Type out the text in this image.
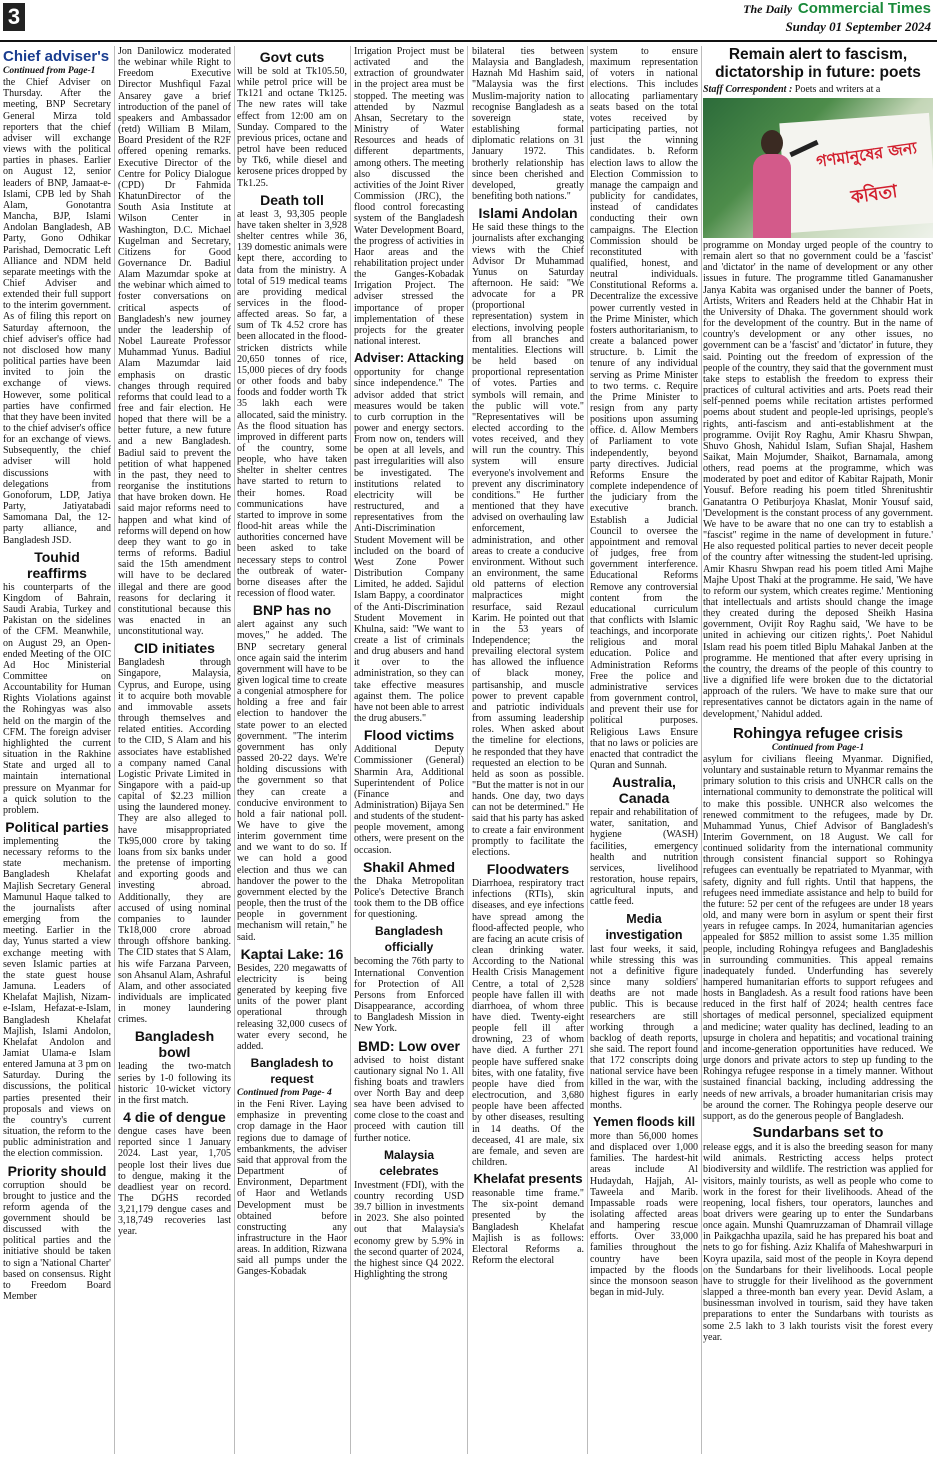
3	The Daily Commercial Times
Sunday 01 September 2024
Chief adviser's
Continued from Page-1

the Chief Adviser on Thursday. After the meeting, BNP Secretary General Mirza told reporters that the chief adviser will exchange views with the political parties in phases. Earlier on August 12, senior leaders of BNP, Jamaat-e-Islami, CPB led by Shah Alam, Gonotantra Mancha, BJP, Islami Andolan Bangladesh, AB Party, Gono Odhikar Parishad, Democratic Left Alliance and NDM held separate meetings with the Chief Adviser and extended their full support to the interim government. As of filing this report on Saturday afternoon, the chief adviser's office had not disclosed how many political parties have been invited to join the exchange of views. However, some political parties have confirmed that they have been invited to the chief adviser's office for an exchange of views. Subsequently, the chief adviser will hold discussions with delegations from Gonoforum, LDP, Jatiya Party, Jatiyatabadi Samomana Dal, the 12-party alliance, and Bangladesh JSD.

Touhid reaffirms

his counterparts of the Kingdom of Bahrain, Saudi Arabia, Turkey and Pakistan on the sidelines of the CFM. Meanwhile, on August 29, an Open-ended Meeting of the OIC Ad Hoc Ministerial Committee on Accountability for Human Rights Violations against the Rohingyas was also held on the margin of the CFM. The foreign adviser highlighted the current situation in the Rakhine State and urged all to maintain international pressure on Myanmar for a quick solution to the problem.

Political parties

implementing the necessary reforms to the state mechanism. Bangladesh Khelafat Majlish Secretary General Mamunul Haque talked to the journalists after emerging from the meeting. Earlier in the day, Yunus started a view exchange meeting with seven Islamic parties at the state guest house Jamuna. Leaders of Khelafat Majlish, Nizam-e-Islam, Hefazat-e-Islam, Bangladesh Khelafat Majlish, Islami Andolon, Khelafat Andolon and Jamiat Ulama-e Islam entered Jamuna at 3 pm on Saturday. During the discussions, the political parties presented their proposals and views on the country's current situation, the reform to the public administration and the election commission.

Priority should

corruption should be brought to justice and the reform agenda of the government should be discussed with the political parties and the initiative should be taken to sign a 'National Charter' based on consensus. Right to Freedom Board Member

Jon Danilowicz moderated the webinar while Right to Freedom Executive Director Mushfiqul Fazal Ansarey gave a brief introduction of the panel of speakers and Ambassador (retd) William B Milam, Board President of the R2F offered opening remarks. Executive Director of the Centre for Policy Dialogue (CPD) Dr Fahmida KhatunDirector of the South Asia Institute at Wilson Center in Washington, D.C. Michael Kugelman and Secretary, Citizens for Good Governance Dr. Badiul Alam Mazumdar spoke at the webinar which aimed to foster conversations on critical aspects of Bangladesh's new journey under the leadership of Nobel Laureate Professor Muhammad Yunus. Badiul Alam Mazumdar laid emphasis on drastic changes through required reforms that could lead to a free and fair election. He hoped that there will be a better future, a new future and a new Bangladesh. Badiul said to prevent the petition of what happened in the past, they need to reorganise the institutions that have broken down. He said major reforms need to happen and what kind of reforms will depend on how deep they want to go in terms of reforms. Badiul said the 15th amendment will have to be declared illegal and there are good reasons for declaring it constitutional because this was enacted in an unconstitutional way.

CID initiates

Bangladesh through Singapore, Malaysia, Cyprus, and Europe, using it to acquire both movable and immovable assets through themselves and related entities. According to the CID, S Alam and his associates have established a company named Canal Logistic Private Limited in Singapore with a paid-up capital of $2.23 million using the laundered money. They are also alleged to have misappropriated Tk95,000 crore by taking loans from six banks under the pretense of importing and exporting goods and investing abroad. Additionally, they are accused of using nominal companies to launder Tk18,000 crore abroad through offshore banking. The CID states that S Alam, his wife Farzana Parveen, son Ahsanul Alam, Ashraful Alam, and other associated individuals are implicated in money laundering crimes.

Bangladesh bowl

leading the two-match series by 1-0 following its historic 10-wicket victory in the first match.

4 die of dengue

dengue cases have been reported since 1 January 2024. Last year, 1,705 people lost their lives due to dengue, making it the deadliest year on record. The DGHS recorded 3,21,179 dengue cases and 3,18,749 recoveries last year.

Govt cuts

will be sold at Tk105.50, while petrol price will be Tk121 and octane Tk125. The new rates will take effect from 12:00 am on Sunday. Compared to the previous prices, octane and petrol have been reduced by Tk6, while diesel and kerosene prices dropped by Tk1.25.

Death toll

at least 3, 93,305 people have taken shelter in 3,928 shelter centres while 36, 139 domestic animals were kept there, according to data from the ministry. A total of 519 medical teams are providing medical services in the flood-affected areas. So far, a sum of Tk 4.52 crore has been allocated in the flood-stricken districts while 20,650 tonnes of rice, 15,000 pieces of dry foods or other foods and baby foods and fodder worth Tk 35 lakh each were allocated, said the ministry. As the flood situation has improved in different parts of the country, some people, who have taken shelter in shelter centres have started to return to their homes. Road communications have started to improve in some flood-hit areas while the authorities concerned have been asked to take necessary steps to control the outbreak of water-borne diseases after the recession of flood water.

BNP has no

alert against any such moves," he added. The BNP secretary general once again said the interim government will have to be given logical time to create a congenial atmosphere for holding a free and fair election to handover the state power to an elected government. "The interim government has only passed 20-22 days. We're holding discussions with the government so that they can create a conducive environment to hold a fair national poll. We have to give the interim government time and we want to do so. If we can hold a good election and thus we can handover the power to the government elected by the people, then the trust of the people in government mechanism will retain," he said.

Kaptai Lake: 16

Besides, 220 megawatts of electricity is being generated by keeping five units of the power plant operational through releasing 32,000 cusecs of water every second, he added.

Bangladesh to request
Continued from Page- 4

in the Feni River. Laying emphasize in preventing crop damage in the Haor regions due to damage of embankments, the adviser said that approval from the Department of Environment, Department of Haor and Wetlands Development must be obtained before constructing any infrastructure in the Haor areas. In addition, Rizwana said all pumps under the Ganges-Kobadak

Irrigation Project must be activated and the extraction of groundwater in the project area must be stopped. The meeting was attended by Nazmul Ahsan, Secretary to the Ministry of Water Resources and heads of different departments, among others. The meeting also discussed the activities of the Joint River Commission (JRC), the flood control forecasting system of the Bangladesh Water Development Board, the progress of activities in Haor areas and the rehabilitation project under the Ganges-Kobadak Irrigation Project. The adviser stressed the importance of proper implementation of these projects for the greater national interest.

Adviser: Attacking

opportunity for change since independence." The advisor added that strict measures would be taken to curb corruption in the power and energy sectors. From now on, tenders will be open at all levels, and past irregularities will also be investigated. The institutions related to electricity will be restructured, and a representatives from the Anti-Discrimination Student Movement will be included on the board of West Zone Power Distribution Company Limited, he added. Sajidul Islam Bappy, a coordinator of the Anti-Discrimination Student Movement in Khulna, said: "We want to create a list of criminals and drug abusers and hand it over to the administration, so they can take effective measures against them. The police have not been able to arrest the drug abusers."

Flood victims

Additional Deputy Commissioner (General) Sharmin Ara, Additional Superintendent of Police (Finance and Administration) Bijaya Sen and students of the student-people movement, among others, were present on the occasion.

Shakil Ahmed

the Dhaka Metropolitan Police's Detective Branch took them to the DB office for questioning.

Bangladesh officially

becoming the 76th party to International Convention for Protection of All Persons from Enforced Disappearance, according to Bangladesh Mission in New York.

BMD: Low over

advised to hoist distant cautionary signal No 1. All fishing boats and trawlers over North Bay and deep sea have been advised to come close to the coast and proceed with caution till further notice.

Malaysia celebrates

Investment (FDI), with the country recording USD 39.7 billion in investments in 2023. She also pointed out that Malaysia's economy grew by 5.9% in the second quarter of 2024, the highest since Q4 2022. Highlighting the strong

bilateral ties between Malaysia and Bangladesh, Haznah Md Hashim said, "Malaysia was the first Muslim-majority nation to recognise Bangladesh as a sovereign state, establishing formal diplomatic relations on 31 January 1972. This brotherly relationship has since been cherished and developed, greatly benefiting both nations."

Islami Andolan

He said these things to the journalists after exchanging views with the Chief Advisor Dr Muhammad Yunus on Saturday afternoon. He said: "We advocate for a PR (proportional representation) system in elections, involving people from all branches and mentalities. Elections will be held based on proportional representation of votes. Parties and symbols will remain, and the public will vote." "Representatives will be elected according to the votes received, and they will run the country. This system will ensure everyone's involvement and prevent any discriminatory conditions." He further mentioned that they have advised on overhauling law enforcement, administration, and other areas to create a conducive environment. Without such an environment, the same old patterns of election malpractices might resurface, said Rezaul Karim. He pointed out that in the 53 years of Independence; the prevailing electoral system has allowed the influence of black money, partisanship, and muscle power to prevent capable and patriotic individuals from assuming leadership roles. When asked about the timeline for elections, he responded that they have requested an election to be held as soon as possible. "But the matter is not in our hands. One day, two days can not be determined." He said that his party has asked to create a fair environment promptly to facilitate the elections.

Floodwaters

Diarrhoea, respiratory tract infections (RTIs), skin diseases, and eye infections have spread among the flood-affected people, who are facing an acute crisis of clean drinking water. According to the National Health Crisis Management Centre, a total of 2,528 people have fallen ill with diarrhoea, of whom three have died. Twenty-eight people fell ill after drowning, 23 of whom have died. A further 271 people have suffered snake bites, with one fatality, five people have died from electrocution, and 3,680 people have been affected by other diseases, resulting in 14 deaths. Of the deceased, 41 are male, six are female, and seven are children.

Khelafat presents

reasonable time frame." The six-point demand presented by the Bangladesh Khelafat Majlish is as follows: Electoral Reforms a. Reform the electoral

system to ensure maximum representation of voters in national elections. This includes allocating parliamentary seats based on the total votes received by participating parties, not just the winning candidates. b. Reform election laws to allow the Election Commission to manage the campaign and publicity for candidates, instead of candidates conducting their own campaigns. The Election Commission should be reconstituted with qualified, honest, and neutral individuals. Constitutional Reforms a. Decentralize the excessive power currently vested in the Prime Minister, which fosters authoritarianism, to create a balanced power structure. b. Limit the tenure of any individual serving as Prime Minister to two terms. c. Require the Prime Minister to resign from any party positions upon assuming office. d. Allow Members of Parliament to vote independently, beyond party directives. Judicial Reforms Ensure the complete independence of the judiciary from the executive branch. Establish a Judicial Council to oversee the appointment and removal of judges, free from government interference. Educational Reforms Remove any controversial content from the educational curriculum that conflicts with Islamic teachings, and incorporate religious and moral education. Police and Administration Reforms Free the police and administrative services from government control, and prevent their use for political purposes. Religious Laws Ensure that no laws or policies are enacted that contradict the Quran and Sunnah.

Australia, Canada

repair and rehabilitation of water, sanitation, and hygiene (WASH) facilities, emergency health and nutrition services, livelihood restoration, house repairs, agricultural inputs, and cattle feed.

Media investigation

last four weeks, it said, while stressing this was not a definitive figure since many soldiers' deaths are not made public. This is because researchers are still working through a backlog of death reports, she said. The report found that 172 conscripts doing national service have been killed in the war, with the highest figures in early months.

Yemen floods kill

more than 56,000 homes and displaced over 1,000 families. The hardest-hit areas include Al Hudaydah, Hajjah, Al-Taweela and Marib. Impassable roads were isolating affected areas and hampering rescue efforts. Over 33,000 families throughout the country have been impacted by the floods since the monsoon season began in mid-July.

Remain alert to fascism, dictatorship in future: poets
Staff Correspondent : Poets and writers at a
গণমানুষের জন্য
কবিতা

programme on Monday urged people of the country to remain alert so that no government could be a 'fascist' and 'dictator' in the name of development or any other issues in future. The programme titled Ganamanusher Janya Kabita was organised under the banner of Poets, Artists, Writers and Readers held at the Chhabir Hat in the University of Dhaka. The government should work for the development of the country. But in the name of country's development or any other issues, no government can be a 'fascist' and 'dictator' in future, they said. Pointing out the freedom of expression of the people of the country, they said that the government must take steps to establish the freedom to express their practices of cultural activities and arts. Poets read their self-penned poems while recitation artistes performed poems about student and people-led uprisings, people's rights, anti-fascism and anti-establishment at the programme. Ovijit Roy Raghu, Amir Khasru Shwpan, Shuvo Ghosh, Nahidul Islam, Sufian Shajal, Hashem Saikat, Main Mojumder, Shaikot, Barnamala, among others, read poems at the programme, which was moderated by poet and editor of Kabitar Rajpath, Monir Yousuf. Before reading his poem titled Shrenitushtir Ganatantra O Petiburjoya Khaslat, Monir Yousuf said, 'Development is the constant process of any government. We have to be aware that no one can try to establish a "fascist" regime in the name of development in future.' He also requested political parties to never deceit people of the country after witnessing the student-led uprising. Amir Khasru Shwpan read his poem titled Ami Majhe Majhe Upost Thaki at the programme. He said, 'We have to reform our system, which creates regime.' Mentioning that intellectuals and artists should change the image they created during the deposed Sheikh Hasina government, Ovijit Roy Raghu said, 'We have to be united in achieving our citizen rights,'. Poet Nahidul Islam read his poem titled Biplu Mahakal Janben at the programme. He mentioned that after every uprising in the country, the dreams of the people of this country to live a dignified life were broken due to the dictatorial approach of the rulers. 'We have to make sure that our representatives cannot be dictators again in the name of development,' Nahidul added.

Rohingya refugee crisis
Continued from Page-1

asylum for civilians fleeing Myanmar. Dignified, voluntary and sustainable return to Myanmar remains the primary solution to this crisis and UNHCR calls on the international community to demonstrate the political will to make this possible. UNHCR also welcomes the renewed commitment to the refugees, made by Dr. Muhammad Yunus, Chief Advisor of Bangladesh's Interim Government, on 18 August. We call for continued solidarity from the international community through consistent financial support so Rohingya refugees can eventually be repatriated to Myanmar, with safety, dignity and full rights. Until that happens, the refugees need immediate assistance and help to build for the future: 52 per cent of the refugees are under 18 years old, and many were born in asylum or spent their first years in refugee camps. In 2024, humanitarian agencies appealed for $852 million to assist some 1.35 million people, including Rohingya refugees and Bangladeshis in surrounding communities. This appeal remains inadequately funded. Underfunding has severely hampered humanitarian efforts to support refugees and hosts in Bangladesh. As a result food rations have been reduced in the first half of 2024; health centres face shortages of medical personnel, specialized equipment and medicine; water quality has declined, leading to an upsurge in cholera and hepatitis; and vocational training and income-generation opportunities have reduced. We urge donors and private actors to step up funding to the Rohingya refugee response in a timely manner. Without sustained financial backing, including addressing the needs of new arrivals, a broader humanitarian crisis may be around the corner. The Rohingya people deserve our support, as do the generous people of Bangladesh.

Sundarbans set to

release eggs, and it is also the breeding season for many wild animals. Restricting access helps protect biodiversity and wildlife. The restriction was applied for visitors, mainly tourists, as well as people who come to work in the forest for their livelihoods. Ahead of the reopening, local fishers, tour operators, launches and boat drivers were gearing up to enter the Sundarbans once again. Munshi Quamruzzaman of Dhamrail village in Paikgachha upazila, said he has prepared his boat and nets to go for fishing. Aziz Khalifa of Maheshwarpuri in Koyra upazila, said most of the people in Koyra depend on the Sundarbans for their livelihoods. Local people have to struggle for their livelihood as the government slapped a three-month ban every year. Devid Aslam, a businessman involved in tourism, said they have taken preparations to enter the Sundarbans with tourists as some 2.5 lakh to 3 lakh tourists visit the forest every year.
